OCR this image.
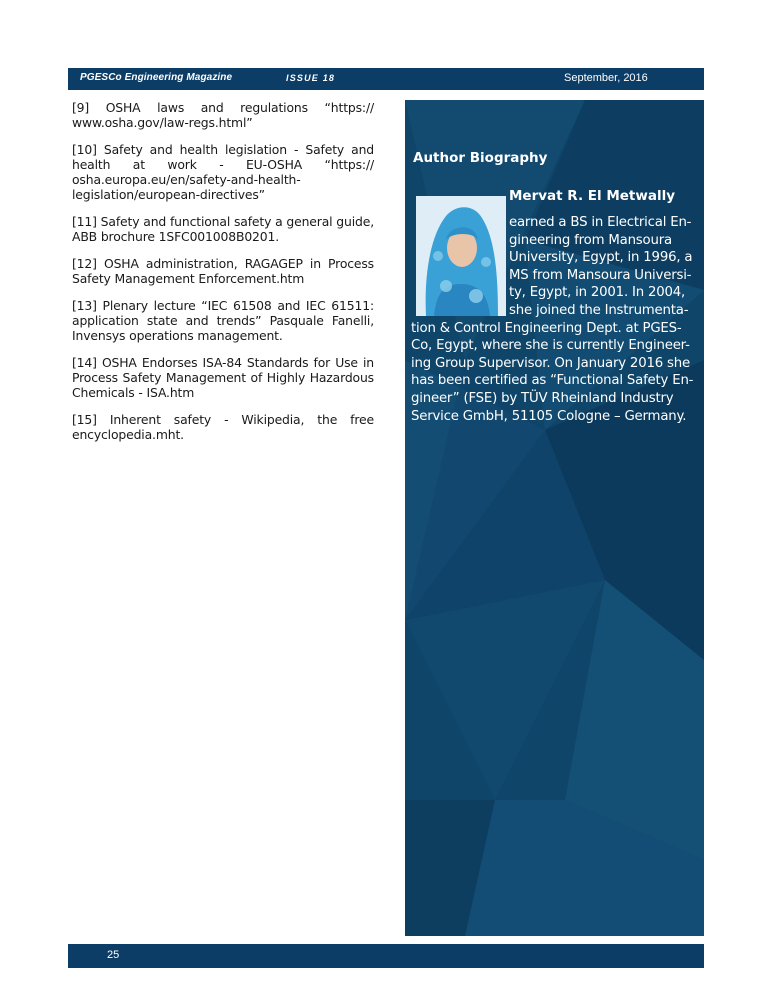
PGESCo Engineering Magazine	ISSUE 18	September, 2016

[9] OSHA laws and regulations “https://
www.osha.gov/law-regs.html”

[10] Safety and health legislation - Safety and health at work - EU-OSHA “https:// osha.europa.eu/en/safety-and-health-legislation/european-directives”

[11] Safety and functional safety a general guide, ABB brochure 1SFC001008B0201.

[12] OSHA administration, RAGAGEP in Process Safety Management Enforcement.htm

[13] Plenary lecture “IEC 61508 and IEC 61511: application state and trends” Pasquale Fanelli, Invensys operations management.

[14] OSHA Endorses ISA-84 Standards for Use in Process Safety Management of Highly Hazardous Chemicals - ISA.htm

[15] Inherent safety - Wikipedia, the free encyclopedia.mht.

Author Biography
Mervat R. El Metwally
earned a BS in Electrical En-
gineering from Mansoura
University, Egypt, in 1996, a
MS from Mansoura Universi-
ty, Egypt, in 2001. In 2004,
she joined the Instrumenta-
tion & Control Engineering Dept. at PGES-
Co, Egypt, where she is currently Engineer-
ing Group Supervisor. On January 2016 she
has been certified as “Functional Safety En-
gineer” (FSE) by TÜV Rheinland Industry
Service GmbH, 51105 Cologne – Germany.
25
